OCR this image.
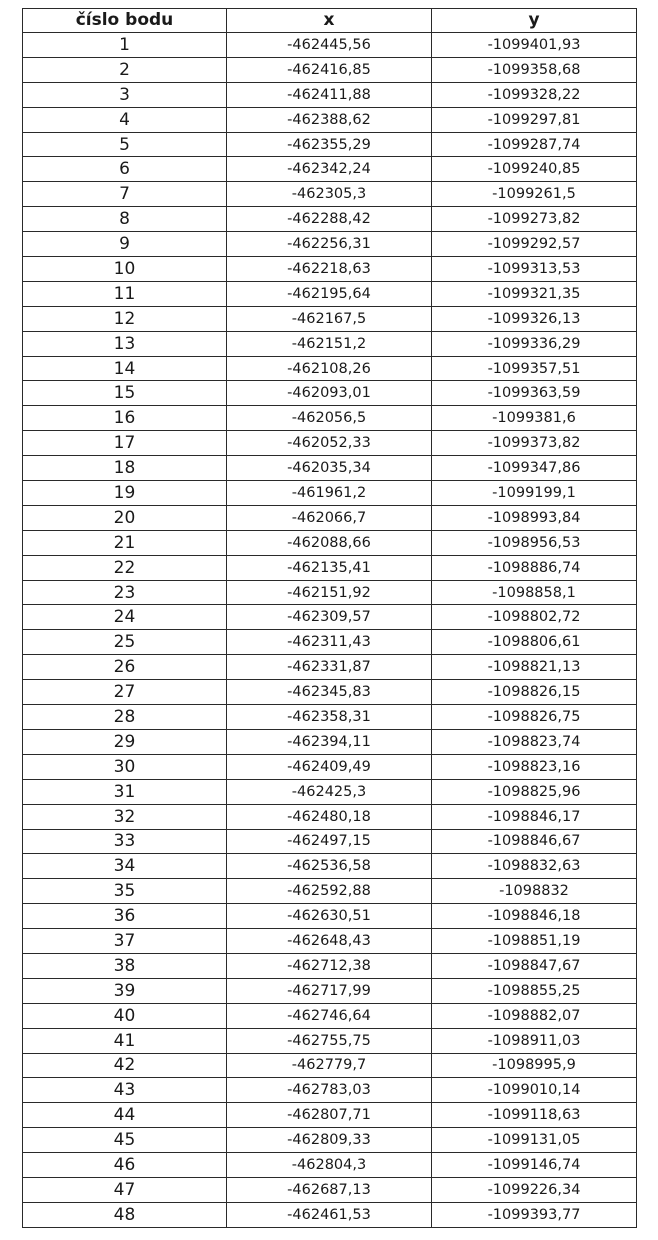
číslo bodu	x	y
1	-462445,56	-1099401,93
2	-462416,85	-1099358,68
3	-462411,88	-1099328,22
4	-462388,62	-1099297,81
5	-462355,29	-1099287,74
6	-462342,24	-1099240,85
7	-462305,3	-1099261,5
8	-462288,42	-1099273,82
9	-462256,31	-1099292,57
10	-462218,63	-1099313,53
11	-462195,64	-1099321,35
12	-462167,5	-1099326,13
13	-462151,2	-1099336,29
14	-462108,26	-1099357,51
15	-462093,01	-1099363,59
16	-462056,5	-1099381,6
17	-462052,33	-1099373,82
18	-462035,34	-1099347,86
19	-461961,2	-1099199,1
20	-462066,7	-1098993,84
21	-462088,66	-1098956,53
22	-462135,41	-1098886,74
23	-462151,92	-1098858,1
24	-462309,57	-1098802,72
25	-462311,43	-1098806,61
26	-462331,87	-1098821,13
27	-462345,83	-1098826,15
28	-462358,31	-1098826,75
29	-462394,11	-1098823,74
30	-462409,49	-1098823,16
31	-462425,3	-1098825,96
32	-462480,18	-1098846,17
33	-462497,15	-1098846,67
34	-462536,58	-1098832,63
35	-462592,88	-1098832
36	-462630,51	-1098846,18
37	-462648,43	-1098851,19
38	-462712,38	-1098847,67
39	-462717,99	-1098855,25
40	-462746,64	-1098882,07
41	-462755,75	-1098911,03
42	-462779,7	-1098995,9
43	-462783,03	-1099010,14
44	-462807,71	-1099118,63
45	-462809,33	-1099131,05
46	-462804,3	-1099146,74
47	-462687,13	-1099226,34
48	-462461,53	-1099393,77
